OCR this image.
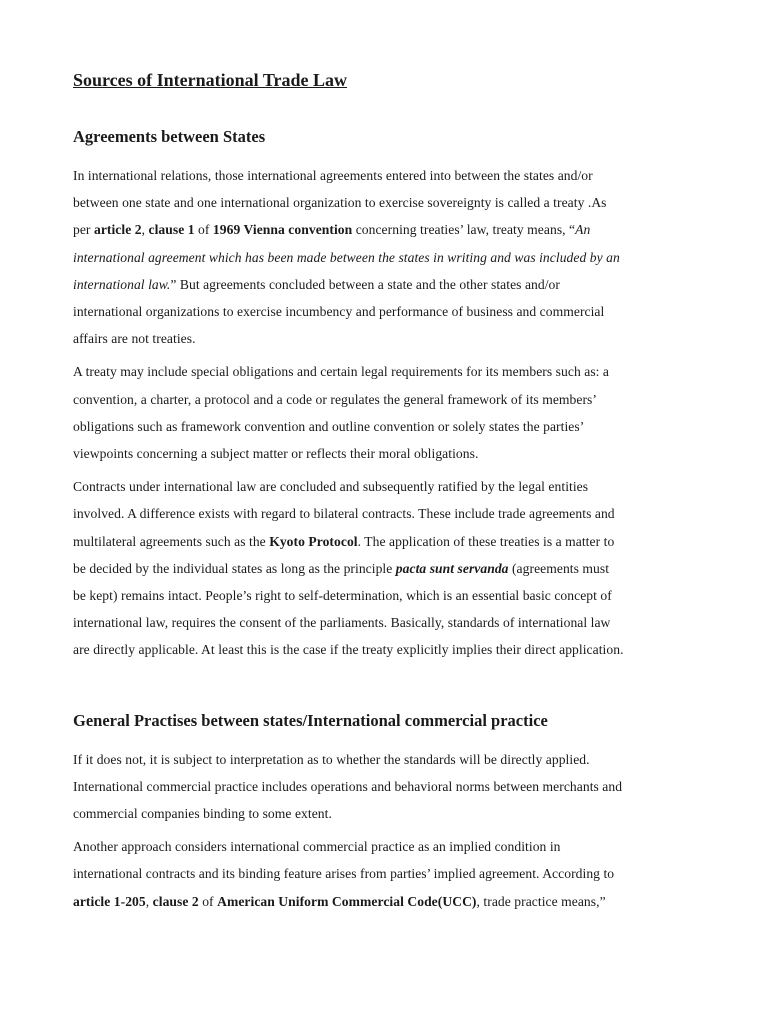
Sources of International Trade Law
Agreements between States

In international relations, those international agreements entered into between the states and/or
between one state and one international organization to exercise sovereignty is called a treaty .As
per article 2, clause 1 of 1969 Vienna convention concerning treaties’ law, treaty means, “An
international agreement which has been made between the states in writing and was included by an
international law.” But agreements concluded between a state and the other states and/or
international organizations to exercise incumbency and performance of business and commercial
affairs are not treaties.

A treaty may include special obligations and certain legal requirements for its members such as: a
convention, a charter, a protocol and a code or regulates the general framework of its members’
obligations such as framework convention and outline convention or solely states the parties’
viewpoints concerning a subject matter or reflects their moral obligations.

Contracts under international law are concluded and subsequently ratified by the legal entities
involved. A difference exists with regard to bilateral contracts. These include trade agreements and
multilateral agreements such as the Kyoto Protocol. The application of these treaties is a matter to
be decided by the individual states as long as the principle pacta sunt servanda (agreements must
be kept) remains intact. People’s right to self-determination, which is an essential basic concept of
international law, requires the consent of the parliaments. Basically, standards of international law
are directly applicable. At least this is the case if the treaty explicitly implies their direct application.

General Practises between states/International commercial practice

If it does not, it is subject to interpretation as to whether the standards will be directly applied.
International commercial practice includes operations and behavioral norms between merchants and
commercial companies binding to some extent.

Another approach considers international commercial practice as an implied condition in
international contracts and its binding feature arises from parties’ implied agreement. According to
article 1-205, clause 2 of American Uniform Commercial Code(UCC), trade practice means,”
